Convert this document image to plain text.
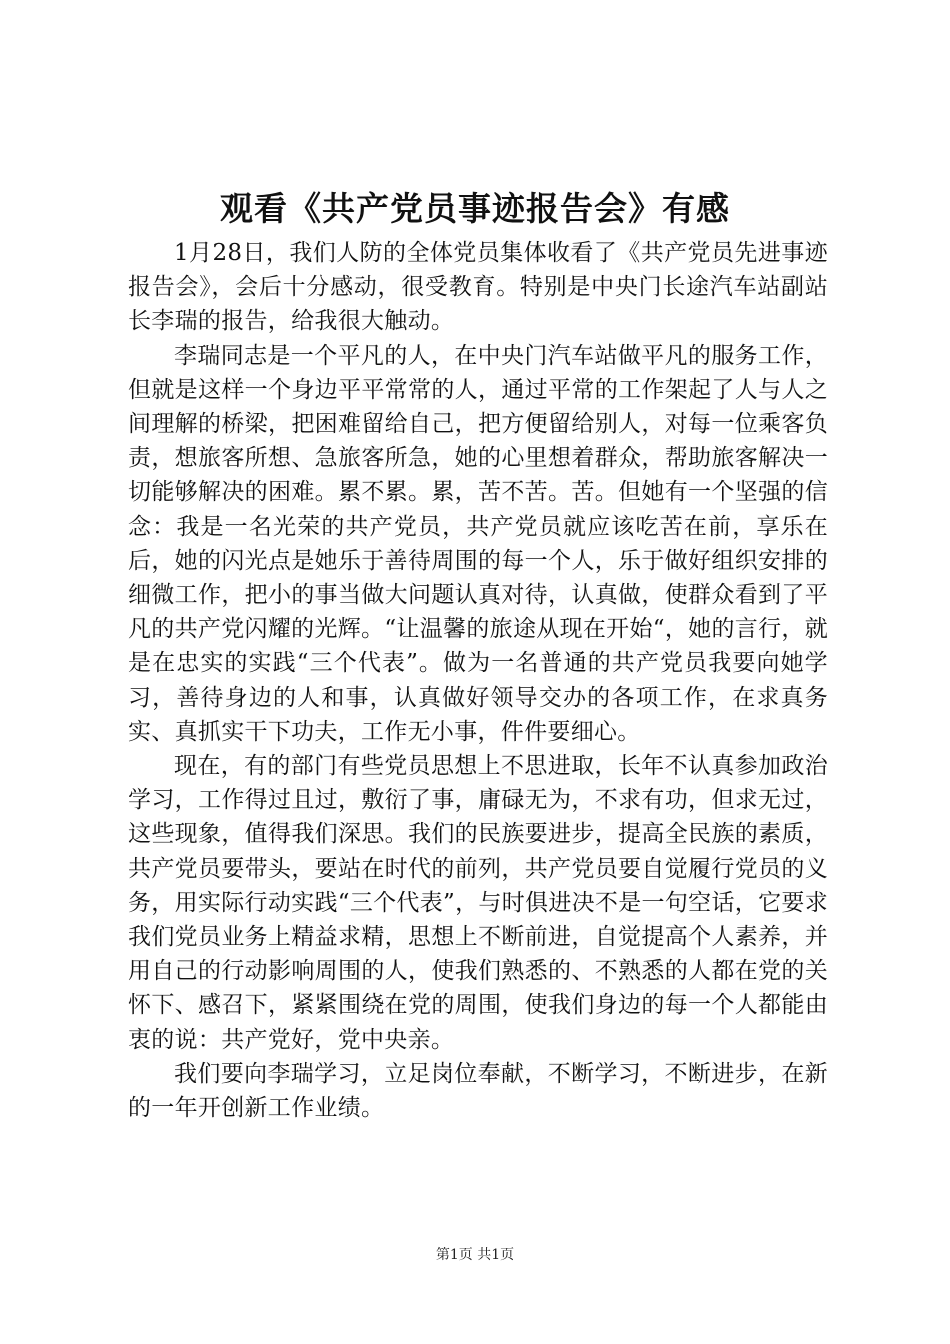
观看《共产党员事迹报告会》有感

1月28日，我们人防的全体党员集体收看了《共产党员先进事迹报告会》，会后十分感动，很受教育。特别是中央门长途汽车站副站长李瑞的报告，给我很大触动。

李瑞同志是一个平凡的人，在中央门汽车站做平凡的服务工作，但就是这样一个身边平平常常的人，通过平常的工作架起了人与人之间理解的桥梁，把困难留给自己，把方便留给别人，对每一位乘客负责，想旅客所想、急旅客所急，她的心里想着群众，帮助旅客解决一切能够解决的困难。累不累。累，苦不苦。苦。但她有一个坚强的信念：我是一名光荣的共产党员，共产党员就应该吃苦在前，享乐在后，她的闪光点是她乐于善待周围的每一个人，乐于做好组织安排的细微工作，把小的事当做大问题认真对待，认真做，使群众看到了平凡的共产党闪耀的光辉。“让温馨的旅途从现在开始“，她的言行，就是在忠实的实践“三个代表”。做为一名普通的共产党员我要向她学习，善待身边的人和事，认真做好领导交办的各项工作，在求真务实、真抓实干下功夫，工作无小事，件件要细心。

现在，有的部门有些党员思想上不思进取，长年不认真参加政治学习，工作得过且过，敷衍了事，庸碌无为，不求有功，但求无过，这些现象，值得我们深思。我们的民族要进步，提高全民族的素质，共产党员要带头，要站在时代的前列，共产党员要自觉履行党员的义务，用实际行动实践“三个代表”，与时俱进决不是一句空话，它要求我们党员业务上精益求精，思想上不断前进，自觉提高个人素养，并用自己的行动影响周围的人，使我们熟悉的、不熟悉的人都在党的关怀下、感召下，紧紧围绕在党的周围，使我们身边的每一个人都能由衷的说：共产党好，党中央亲。

我们要向李瑞学习，立足岗位奉献，不断学习，不断进步，在新的一年开创新工作业绩。

第1页 共1页
